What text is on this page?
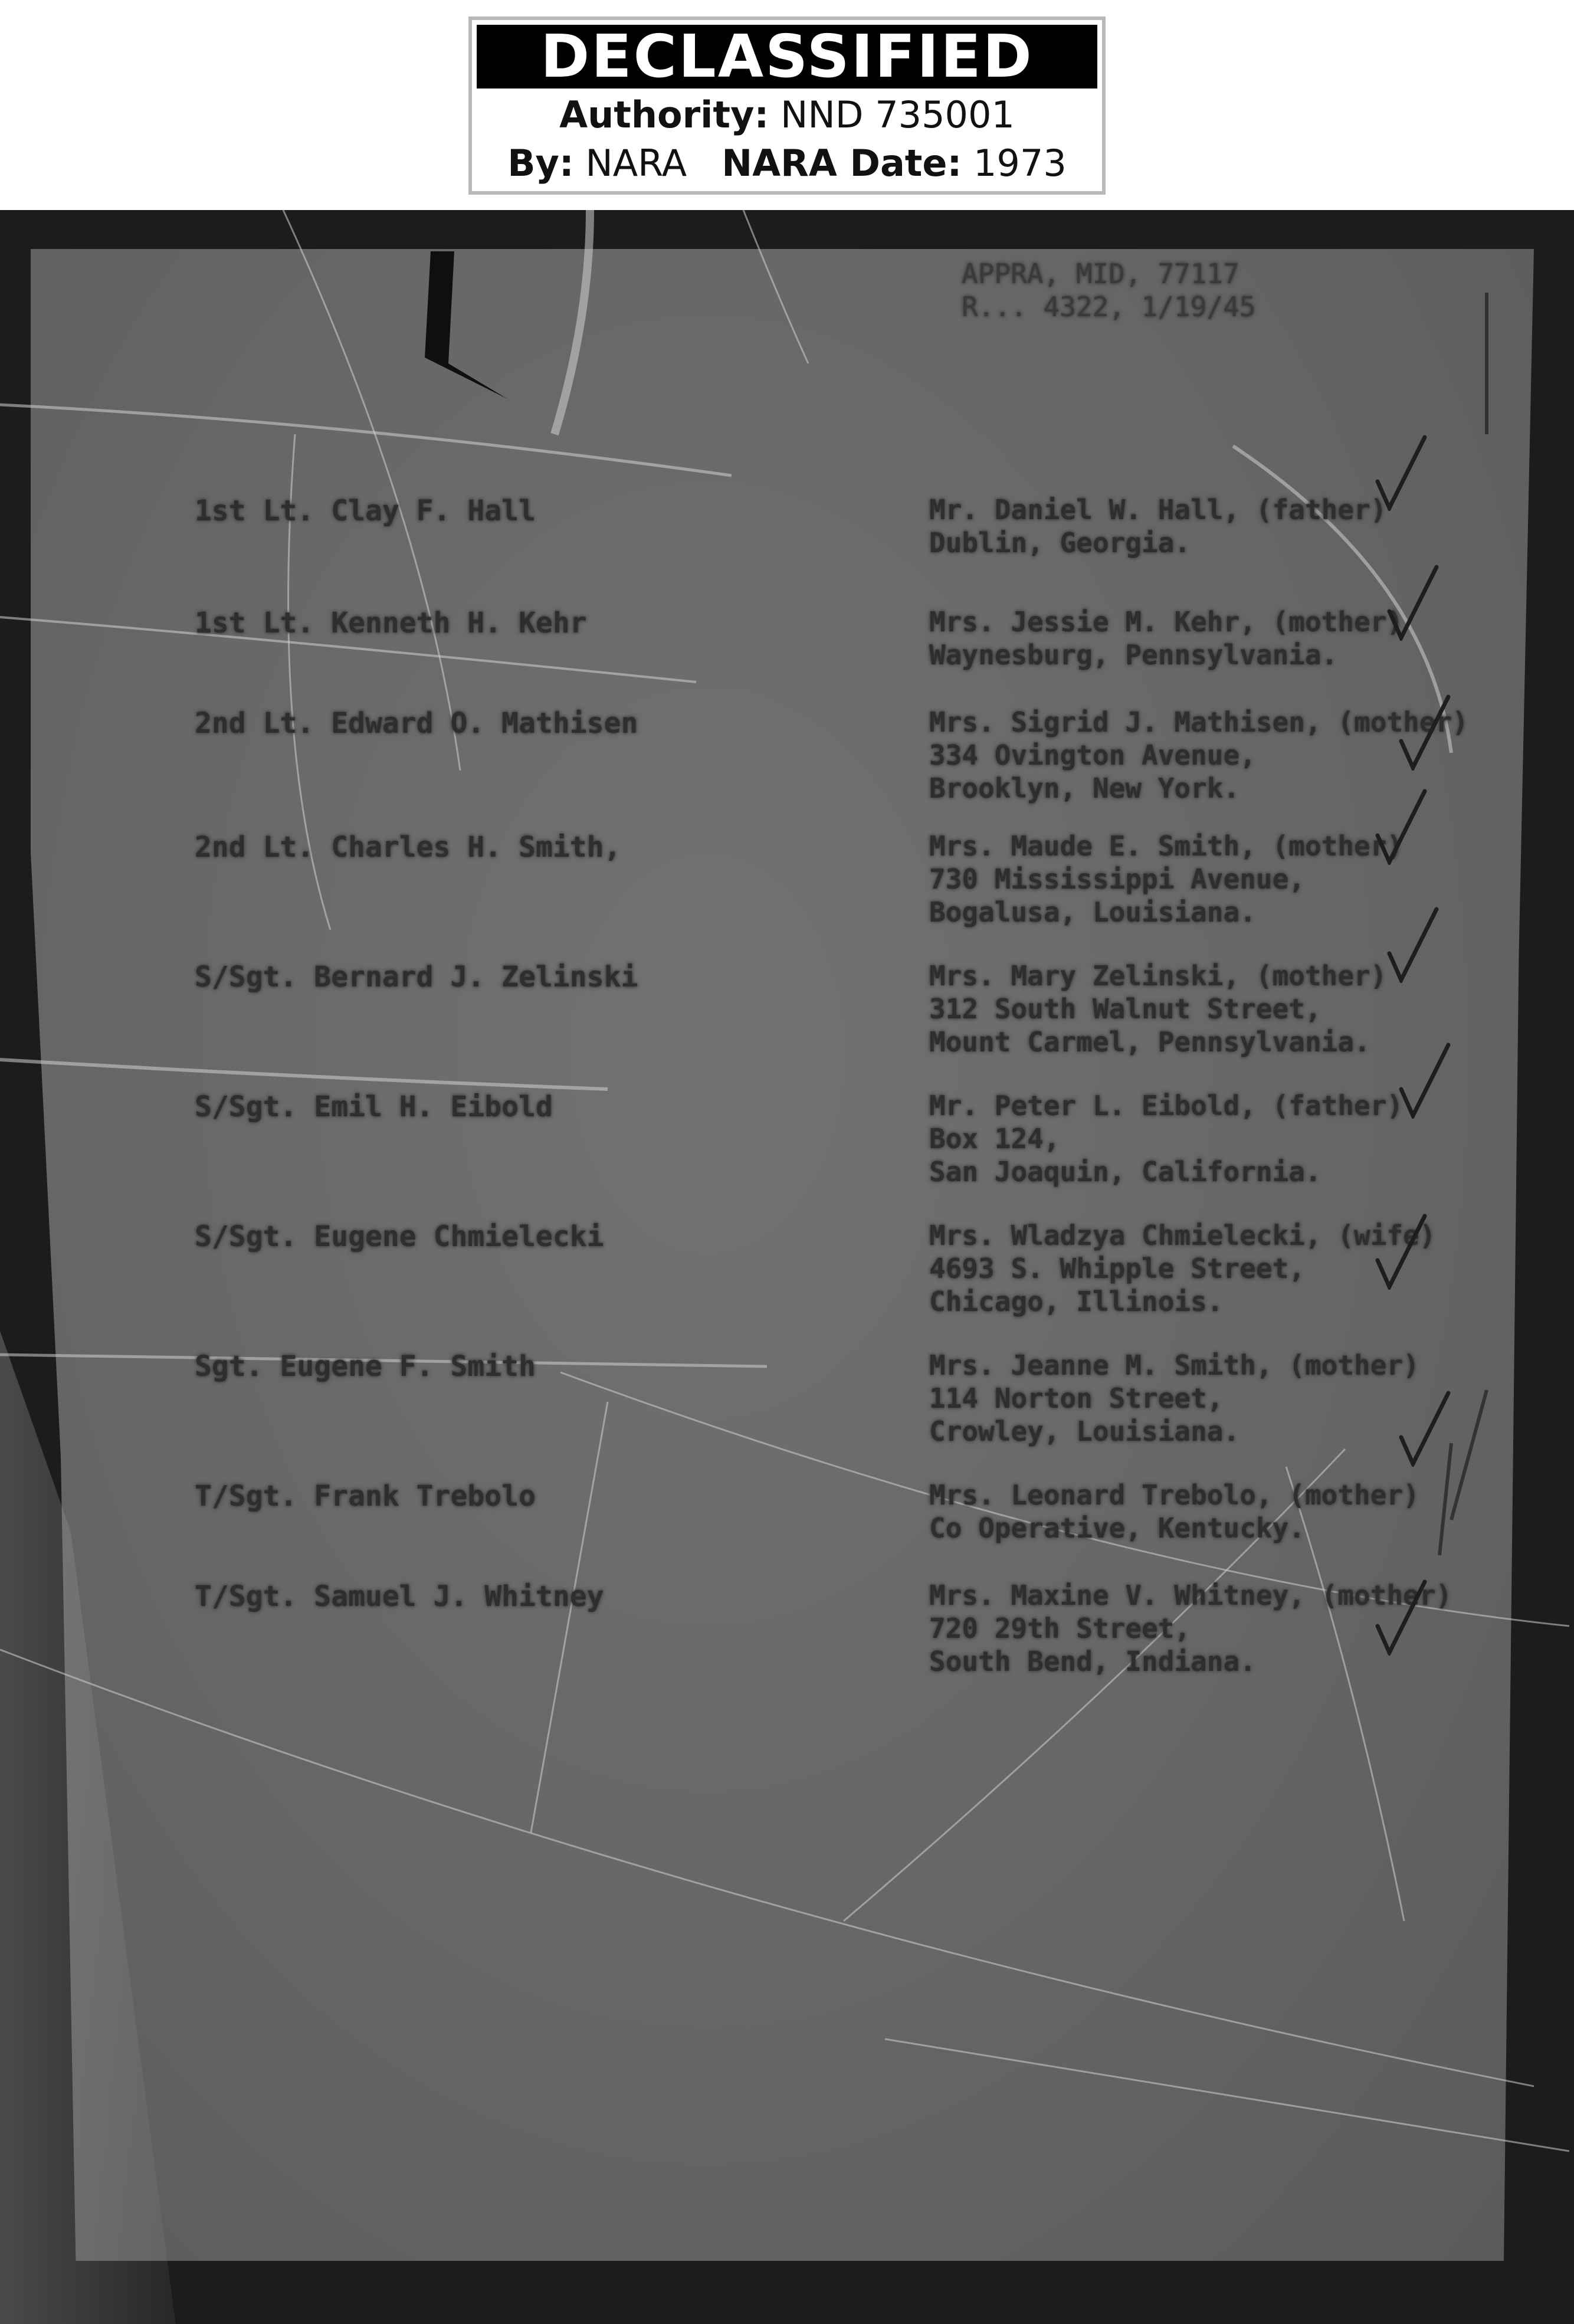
DECLASSIFIED
Authority: NND 735001
By: NARA NARA Date: 1973
APPRA, MID, 77117
R... 4322, 1/19/45
1st Lt. Clay F. Hall	Mr. Daniel W. Hall, (father)
Dublin, Georgia.
1st Lt. Kenneth H. Kehr	Mrs. Jessie M. Kehr, (mother)
Waynesburg, Pennsylvania.
2nd Lt. Edward O. Mathisen	Mrs. Sigrid J. Mathisen, (mother)
334 Ovington Avenue,
Brooklyn, New York.
2nd Lt. Charles H. Smith,	Mrs. Maude E. Smith, (mother)
730 Mississippi Avenue,
Bogalusa, Louisiana.
S/Sgt. Bernard J. Zelinski	Mrs. Mary Zelinski, (mother)
312 South Walnut Street,
Mount Carmel, Pennsylvania.
S/Sgt. Emil H. Eibold	Mr. Peter L. Eibold, (father)
Box 124,
San Joaquin, California.
S/Sgt. Eugene Chmielecki	Mrs. Wladzya Chmielecki, (wife)
4693 S. Whipple Street,
Chicago, Illinois.
Sgt. Eugene F. Smith	Mrs. Jeanne M. Smith, (mother)
114 Norton Street,
Crowley, Louisiana.
T/Sgt. Frank Trebolo	Mrs. Leonard Trebolo, (mother)
Co Operative, Kentucky.
T/Sgt. Samuel J. Whitney	Mrs. Maxine V. Whitney, (mother)
720 29th Street,
South Bend, Indiana.
